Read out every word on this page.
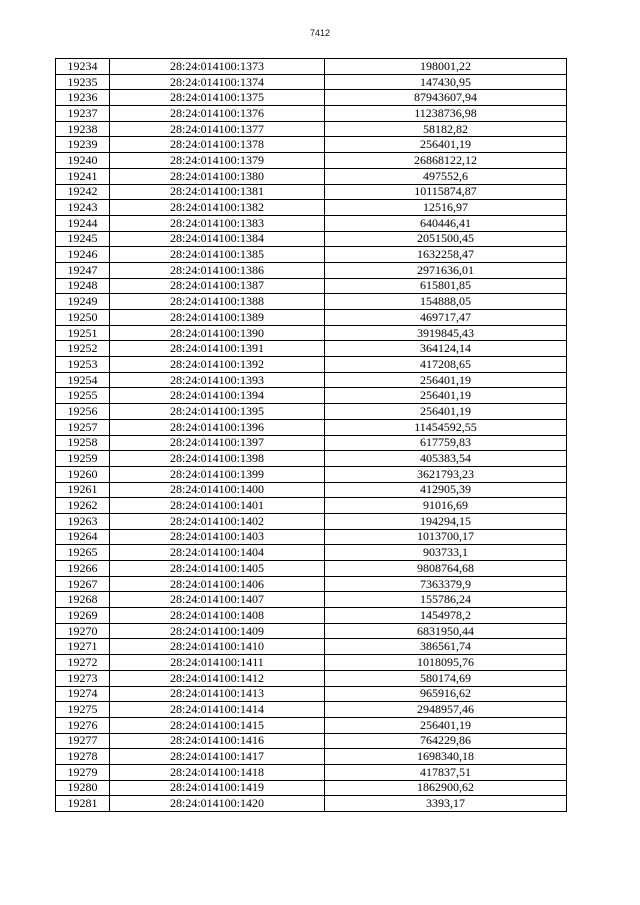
7412
19234	28:24:014100:1373	198001,22
19235	28:24:014100:1374	147430,95
19236	28:24:014100:1375	87943607,94
19237	28:24:014100:1376	11238736,98
19238	28:24:014100:1377	58182,82
19239	28:24:014100:1378	256401,19
19240	28:24:014100:1379	26868122,12
19241	28:24:014100:1380	497552,6
19242	28:24:014100:1381	10115874,87
19243	28:24:014100:1382	12516,97
19244	28:24:014100:1383	640446,41
19245	28:24:014100:1384	2051500,45
19246	28:24:014100:1385	1632258,47
19247	28:24:014100:1386	2971636,01
19248	28:24:014100:1387	615801,85
19249	28:24:014100:1388	154888,05
19250	28:24:014100:1389	469717,47
19251	28:24:014100:1390	3919845,43
19252	28:24:014100:1391	364124,14
19253	28:24:014100:1392	417208,65
19254	28:24:014100:1393	256401,19
19255	28:24:014100:1394	256401,19
19256	28:24:014100:1395	256401,19
19257	28:24:014100:1396	11454592,55
19258	28:24:014100:1397	617759,83
19259	28:24:014100:1398	405383,54
19260	28:24:014100:1399	3621793,23
19261	28:24:014100:1400	412905,39
19262	28:24:014100:1401	91016,69
19263	28:24:014100:1402	194294,15
19264	28:24:014100:1403	1013700,17
19265	28:24:014100:1404	903733,1
19266	28:24:014100:1405	9808764,68
19267	28:24:014100:1406	7363379,9
19268	28:24:014100:1407	155786,24
19269	28:24:014100:1408	1454978,2
19270	28:24:014100:1409	6831950,44
19271	28:24:014100:1410	386561,74
19272	28:24:014100:1411	1018095,76
19273	28:24:014100:1412	580174,69
19274	28:24:014100:1413	965916,62
19275	28:24:014100:1414	2948957,46
19276	28:24:014100:1415	256401,19
19277	28:24:014100:1416	764229,86
19278	28:24:014100:1417	1698340,18
19279	28:24:014100:1418	417837,51
19280	28:24:014100:1419	1862900,62
19281	28:24:014100:1420	3393,17
